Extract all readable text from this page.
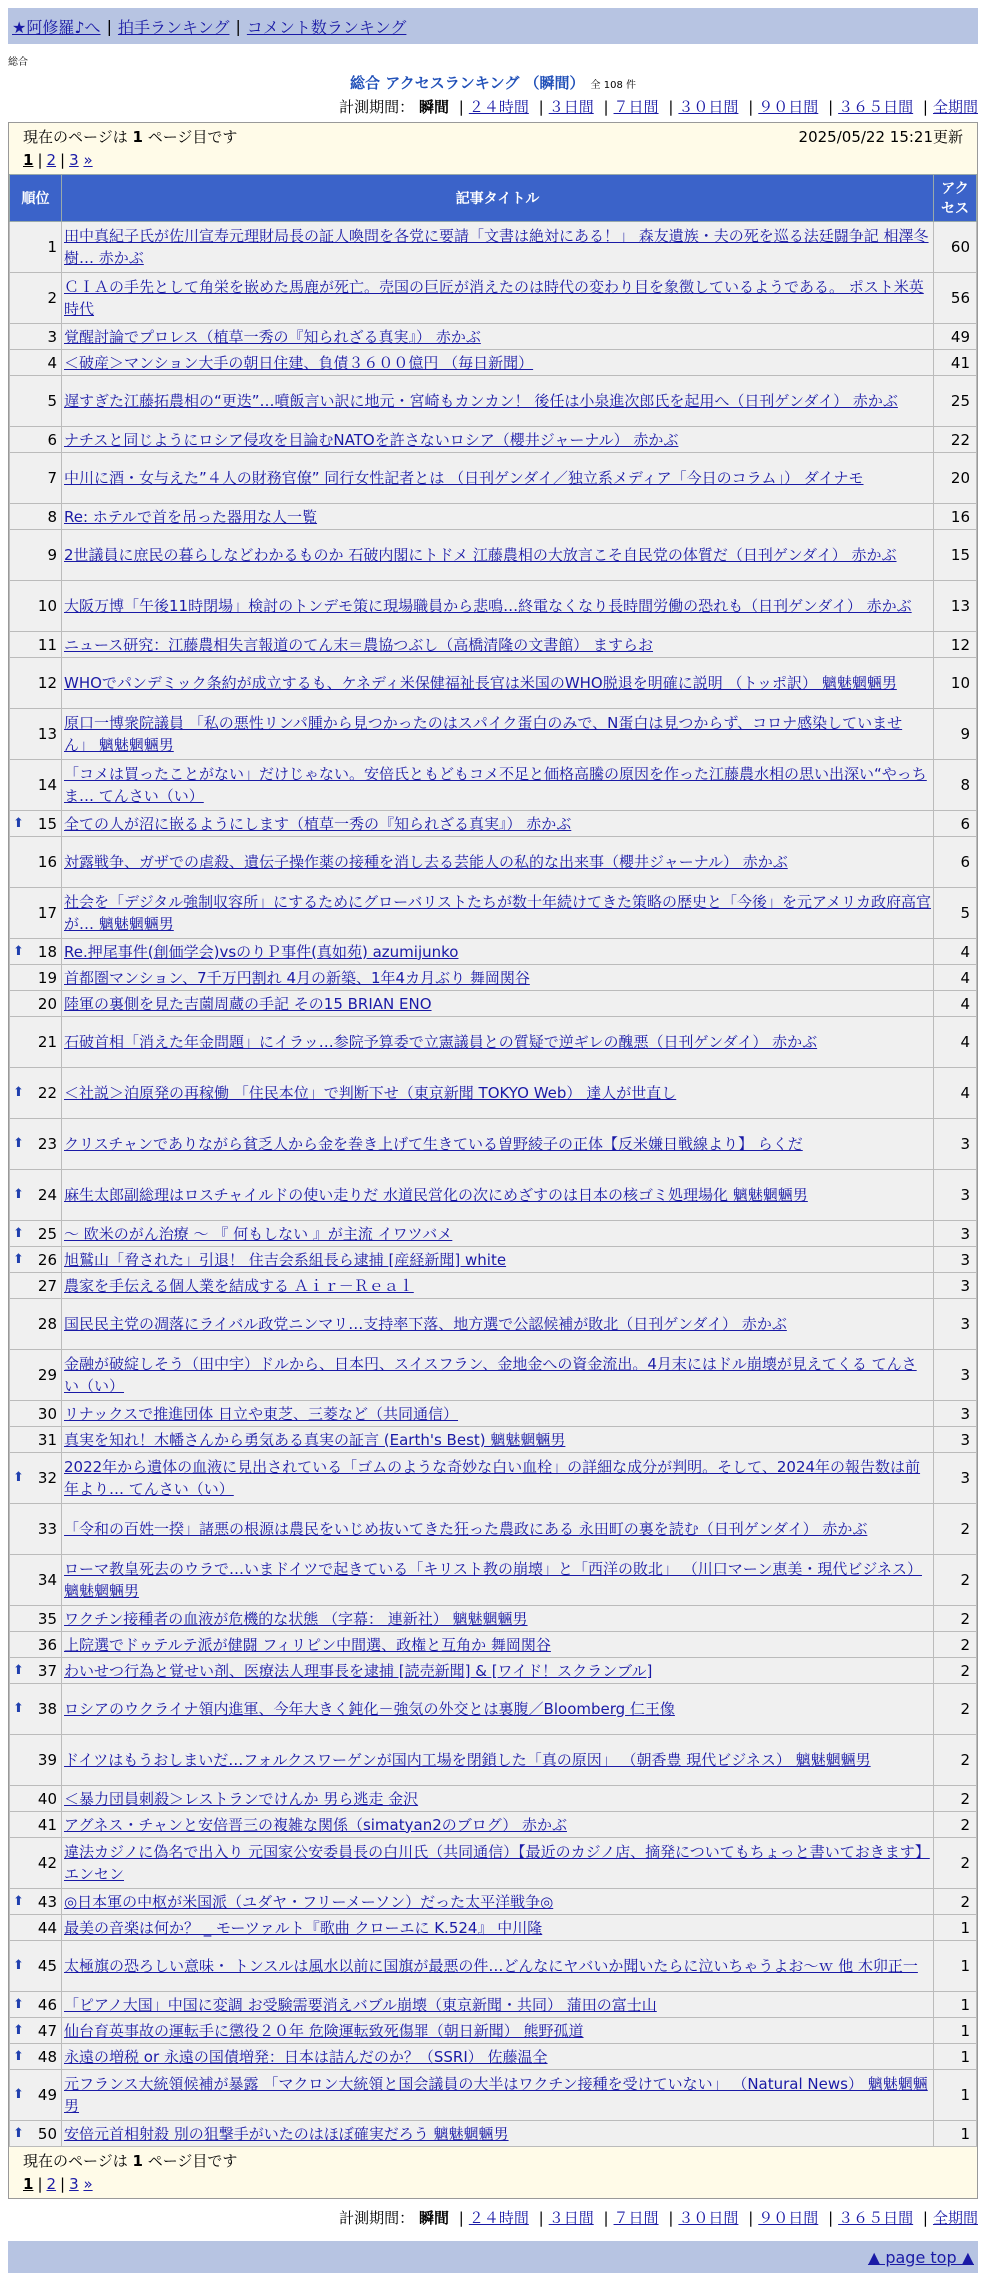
★阿修羅♪へ | 拍手ランキング | コメント数ランキング
総合
総合 アクセスランキング （瞬間） 全 108 件
計測期間： 瞬間 | ２４時間 | ３日間 | ７日間 | ３０日間 | ９０日間 | ３６５日間 | 全期間
現在のページは 1 ページ目です	2025/05/22 15:21更新
1 | 2 | 3 »
順位	記事タイトル	アクセス
1	田中真紀子氏が佐川宣寿元理財局長の証人喚問を各党に要請「文書は絶対にある！」 森友遺族・夫の死を巡る法廷闘争記 相澤冬樹… 赤かぶ	60
2	ＣＩＡの手先として角栄を嵌めた馬鹿が死亡。売国の巨匠が消えたのは時代の変わり目を象徴しているようである。 ポスト米英時代	56
3	覚醒討論でプロレス（植草一秀の『知られざる真実』） 赤かぶ	49
4	＜破産＞マンション大手の朝日住建、負債３６００億円 （毎日新聞）	41
5	遅すぎた江藤拓農相の“更迭”…噴飯言い訳に地元・宮崎もカンカン！ 後任は小泉進次郎氏を起用へ（日刊ゲンダイ） 赤かぶ	25
6	ナチスと同じようにロシア侵攻を目論むNATOを許さないロシア（櫻井ジャーナル） 赤かぶ	22
7	中川に酒・女与えた”４人の財務官僚” 同行女性記者とは （日刊ゲンダイ／独立系メディア「今日のコラム」） ダイナモ	20
8	Re: ホテルで首を吊った器用な人一覧	16
9	2世議員に庶民の暮らしなどわかるものか 石破内閣にトドメ 江藤農相の大放言こそ自民党の体質だ（日刊ゲンダイ） 赤かぶ	15
10	大阪万博「午後11時閉場」検討のトンデモ策に現場職員から悲鳴…終電なくなり長時間労働の恐れも（日刊ゲンダイ） 赤かぶ	13
11	ニュース研究：江藤農相失言報道のてん末＝農協つぶし（高橋清隆の文書館） ますらお	12
12	WHOでパンデミック条約が成立するも、ケネディ米保健福祉長官は米国のWHO脱退を明確に説明 （トッポ訳） 魑魅魍魎男	10
13	原口一博衆院議員 「私の悪性リンパ腫から見つかったのはスパイク蛋白のみで、N蛋白は見つからず、コロナ感染していません」 魑魅魍魎男	9
14	「コメは買ったことがない」だけじゃない。安倍氏ともどもコメ不足と価格高騰の原因を作った江藤農水相の思い出深い“やっちま… てんさい（い）	8

⬆ 15	全ての人が沼に嵌るようにします（植草一秀の『知られざる真実』） 赤かぶ	6
16	対露戦争、ガザでの虐殺、遺伝子操作薬の接種を消し去る芸能人の私的な出来事（櫻井ジャーナル） 赤かぶ	6
17	社会を「デジタル強制収容所」にするためにグローバリストたちが数十年続けてきた策略の歴史と「今後」を元アメリカ政府高官が… 魑魅魍魎男	5

⬆ 18	Re.押尾事件(創価学会)vsのりＰ事件(真如苑) azumijunko	4
19	首都圏マンション、7千万円割れ 4月の新築、1年4カ月ぶり 舞岡関谷	4
20	陸軍の裏側を見た吉薗周蔵の手記 その15 BRIAN ENO	4
21	石破首相「消えた年金問題」にイラッ…参院予算委で立憲議員との質疑で逆ギレの醜悪（日刊ゲンダイ） 赤かぶ	4

⬆ 22	＜社説＞泊原発の再稼働 「住民本位」で判断下せ（東京新聞 TOKYO Web） 達人が世直し	4

⬆ 23	クリスチャンでありながら貧乏人から金を巻き上げて生きている曽野綾子の正体【反米嫌日戦線より】 らくだ	3

⬆ 24	麻生太郎副総理はロスチャイルドの使い走りだ 水道民営化の次にめざすのは日本の核ゴミ処理場化 魑魅魍魎男	3

⬆ 25	～ 欧米のがん治療 ～ 『 何もしない 』が主流 イワツバメ	3

⬆ 26	旭鷲山「脅された」引退！ 住吉会系組長ら逮捕 [産経新聞] white	3
27	農家を手伝える個人業を結成する Ａｉｒ－Ｒｅａｌ	3
28	国民民主党の凋落にライバル政党ニンマリ…支持率下落、地方選で公認候補が敗北（日刊ゲンダイ） 赤かぶ	3
29	金融が破綻しそう（田中宇）ドルから、日本円、スイスフラン、金地金への資金流出。4月末にはドル崩壊が見えてくる てんさい（い）	3
30	リナックスで推進団体 日立や東芝、三菱など（共同通信）	3
31	真実を知れ！木幡さんから勇気ある真実の証言 (Earth's Best) 魑魅魍魎男	3

⬆ 32	2022年から遺体の血液に見出されている「ゴムのような奇妙な白い血栓」の詳細な成分が判明。そして、2024年の報告数は前年より… てんさい（い）	3
33	「令和の百姓一揆」諸悪の根源は農民をいじめ抜いてきた狂った農政にある 永田町の裏を読む（日刊ゲンダイ） 赤かぶ	2
34	ローマ教皇死去のウラで…いまドイツで起きている「キリスト教の崩壊」と「西洋の敗北」 （川口マーン恵美・現代ビジネス） 魑魅魍魎男	2
35	ワクチン接種者の血液が危機的な状態 （字幕： 連新社） 魑魅魍魎男	2
36	上院選でドゥテルテ派が健闘 フィリピン中間選、政権と互角か 舞岡関谷	2

⬆ 37	わいせつ行為と覚せい剤、医療法人理事長を逮捕 [読売新聞] & [ワイド！スクランブル]	2

⬆ 38	ロシアのウクライナ領内進軍、今年大きく鈍化－強気の外交とは裏腹／Bloomberg 仁王像	2
39	ドイツはもうおしまいだ…フォルクスワーゲンが国内工場を閉鎖した「真の原因」 （朝香豊 現代ビジネス） 魑魅魍魎男	2
40	＜暴力団員刺殺＞レストランでけんか 男ら逃走 金沢	2
41	アグネス・チャンと安倍晋三の複雑な関係（simatyan2のブログ） 赤かぶ	2
42	違法カジノに偽名で出入り 元国家公安委員長の白川氏（共同通信）【最近のカジノ店、摘発についてもちょっと書いておきます】 エンセン	2

⬆ 43	◎日本軍の中枢が米国派（ユダヤ・フリーメーソン）だった太平洋戦争◎	2
44	最美の音楽は何か？ _ モーツァルト『歌曲 クローエに K.524』 中川隆	1

⬆ 45	太極旗の恐ろしい意味・ トンスルは風水以前に国旗が最悪の件…どんなにヤバいか聞いたらに泣いちゃうよお～ｗ 他 木卯正一	1

⬆ 46	「ピアノ大国」中国に変調 お受験需要消えバブル崩壊（東京新聞・共同） 蒲田の富士山	1

⬆ 47	仙台育英事故の運転手に懲役２０年 危険運転致死傷罪（朝日新聞） 熊野孤道	1

⬆ 48	永遠の増税 or 永遠の国債増発：日本は詰んだのか？（SSRI） 佐藤温全	1

⬆ 49	元フランス大統領候補が暴露 「マクロン大統領と国会議員の大半はワクチン接種を受けていない」 （Natural News） 魑魅魍魎男	1

⬆ 50	安倍元首相射殺 別の狙撃手がいたのはほぼ確実だろう 魑魅魍魎男	1
現在のページは 1 ページ目です
1 | 2 | 3 »
計測期間： 瞬間 | ２４時間 | ３日間 | ７日間 | ３０日間 | ９０日間 | ３６５日間 | 全期間
▲ page top ▲
